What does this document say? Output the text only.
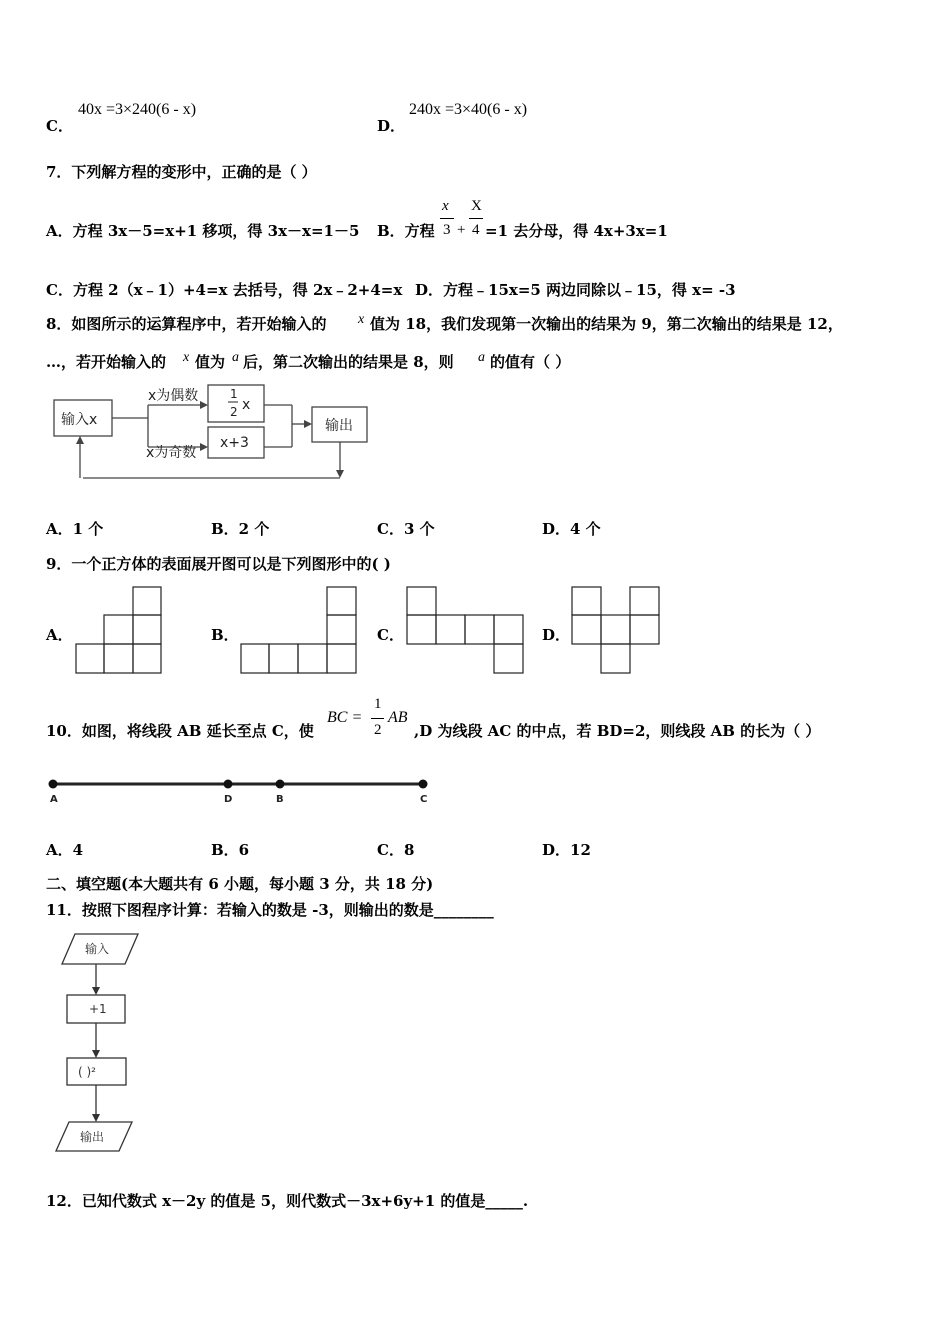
C．
40x =3×240(6 - x)
D．
240x =3×40(6 - x)
7．下列解方程的变形中，正确的是（ ）
A．方程 3x－5=x+1 移项，得 3x－x=1－5 B．方程
x
3 +
X
4 =1 去分母，得 4x+3x=1
C．方程 2（x﹣1）+4=x 去括号，得 2x﹣2+4=x D．方程﹣15x=5 两边同除以﹣15，得 x= -3
8．如图所示的运算程序中，若开始输入的 x 值为 18，我们发现第一次输出的结果为 9，第二次输出的结果是 12，
…，若开始输入的 x 值为 a 后，第二次输出的结果是 8，则 a 的值有（ ）
输入x
x为偶数
x为奇数
1
2 x
x+3
输出
A．1 个	B．2 个	C．3 个	D．4 个
9．一个正方体的表面展开图可以是下列图形中的( )
A．	B．	C．	D．
10．如图，将线段 AB 延长至点 C，使
BC =
1
2
AB
,D 为线段 AC 的中点，若 BD=2，则线段 AB 的长为（ ）
A	D	B	C
A．4	B．6	C．8	D．12
二、填空题(本大题共有 6 小题，每小题 3 分，共 18 分)
11．按照下图程序计算：若输入的数是 -3，则输出的数是________
输入
+1
( )²
输出
12．已知代数式 x－2y 的值是 5，则代数式－3x+6y+1 的值是_____.
